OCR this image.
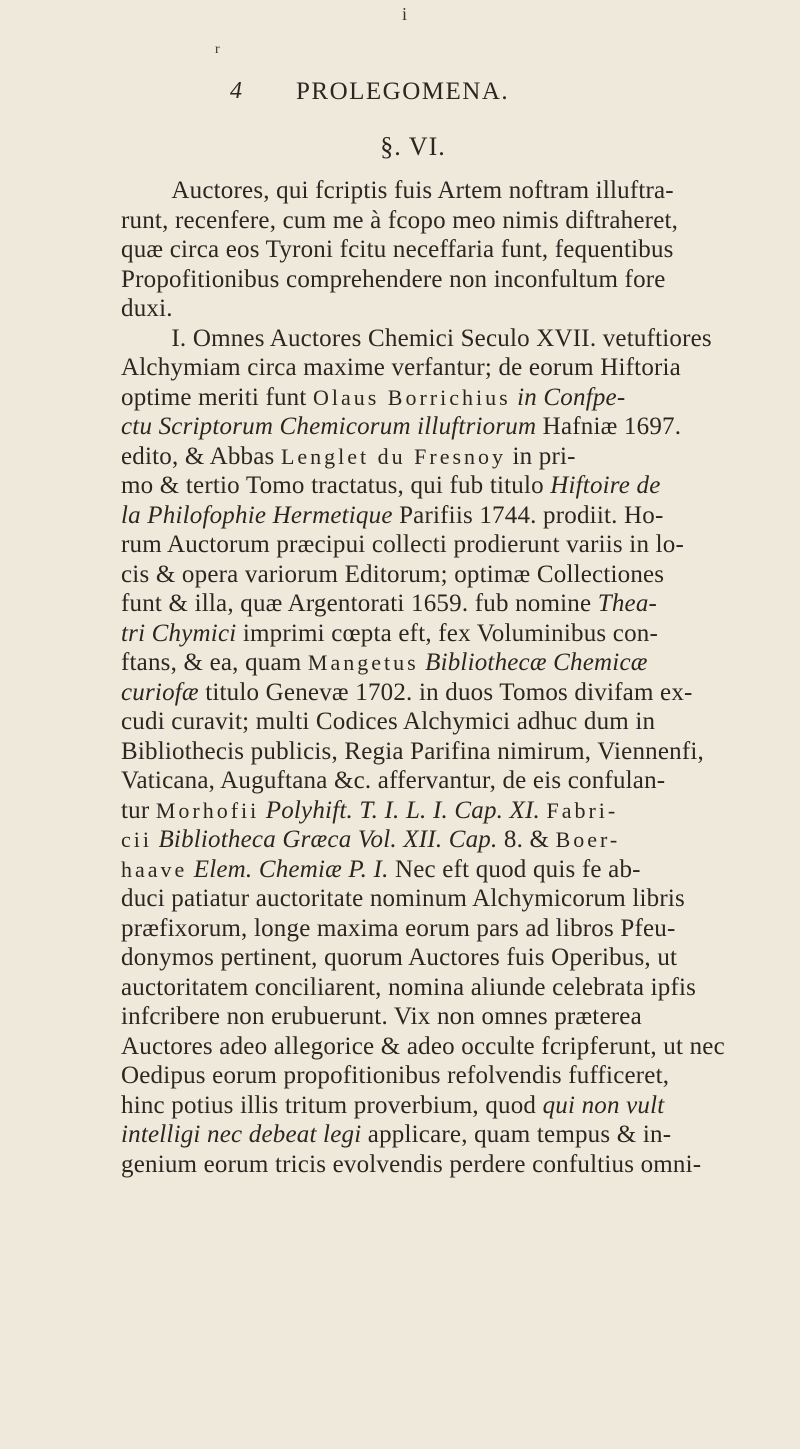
i
r
4 PROLEGOMENA.
§. VI.
  Auctores, qui fcriptis fuis Artem noftram illuftra-
runt, recenfere, cum me à fcopo meo nimis diftraheret,
quæ circa eos Tyroni fcitu neceffaria funt, fequentibus
Propofitionibus comprehendere non inconfultum fore
duxi.
  I. Omnes Auctores Chemici Seculo XVII. vetuftiores
Alchymiam circa maxime verfantur; de eorum Hiftoria
optime meriti funt Olaus Borrichius in Confpe-
ctu Scriptorum Chemicorum illuftriorum Hafniæ 1697.
edito, & Abbas Lenglet du Fresnoy in pri-
mo & tertio Tomo tractatus, qui fub titulo Hiftoire de
la Philofophie Hermetique Parifiis 1744. prodiit. Ho-
rum Auctorum præcipui collecti prodierunt variis in lo-
cis & opera variorum Editorum; optimæ Collectiones
funt & illa, quæ Argentorati 1659. fub nomine Thea-
tri Chymici imprimi cœpta eft, fex Voluminibus con-
ftans, & ea, quam Mangetus Bibliothecæ Chemicæ
curiofæ titulo Genevæ 1702. in duos Tomos divifam ex-
cudi curavit; multi Codices Alchymici adhuc dum in
Bibliothecis publicis, Regia Parifina nimirum, Viennenfi,
Vaticana, Auguftana &c. affervantur, de eis confulan-
tur Morhofii Polyhift. T. I. L. I. Cap. XI. Fabri-
cii Bibliotheca Græca Vol. XII. Cap. 8. & Boer-
haave Elem. Chemiæ P. I. Nec eft quod quis fe ab-
duci patiatur auctoritate nominum Alchymicorum libris
præfixorum, longe maxima eorum pars ad libros Pfeu-
donymos pertinent, quorum Auctores fuis Operibus, ut
auctoritatem conciliarent, nomina aliunde celebrata ipfis
infcribere non erubuerunt. Vix non omnes præterea
Auctores adeo allegorice & adeo occulte fcripferunt, ut nec
Oedipus eorum propofitionibus refolvendis fufficeret,
hinc potius illis tritum proverbium, quod qui non vult
intelligi nec debeat legi applicare, quam tempus & in-
genium eorum tricis evolvendis perdere confultius omni-
